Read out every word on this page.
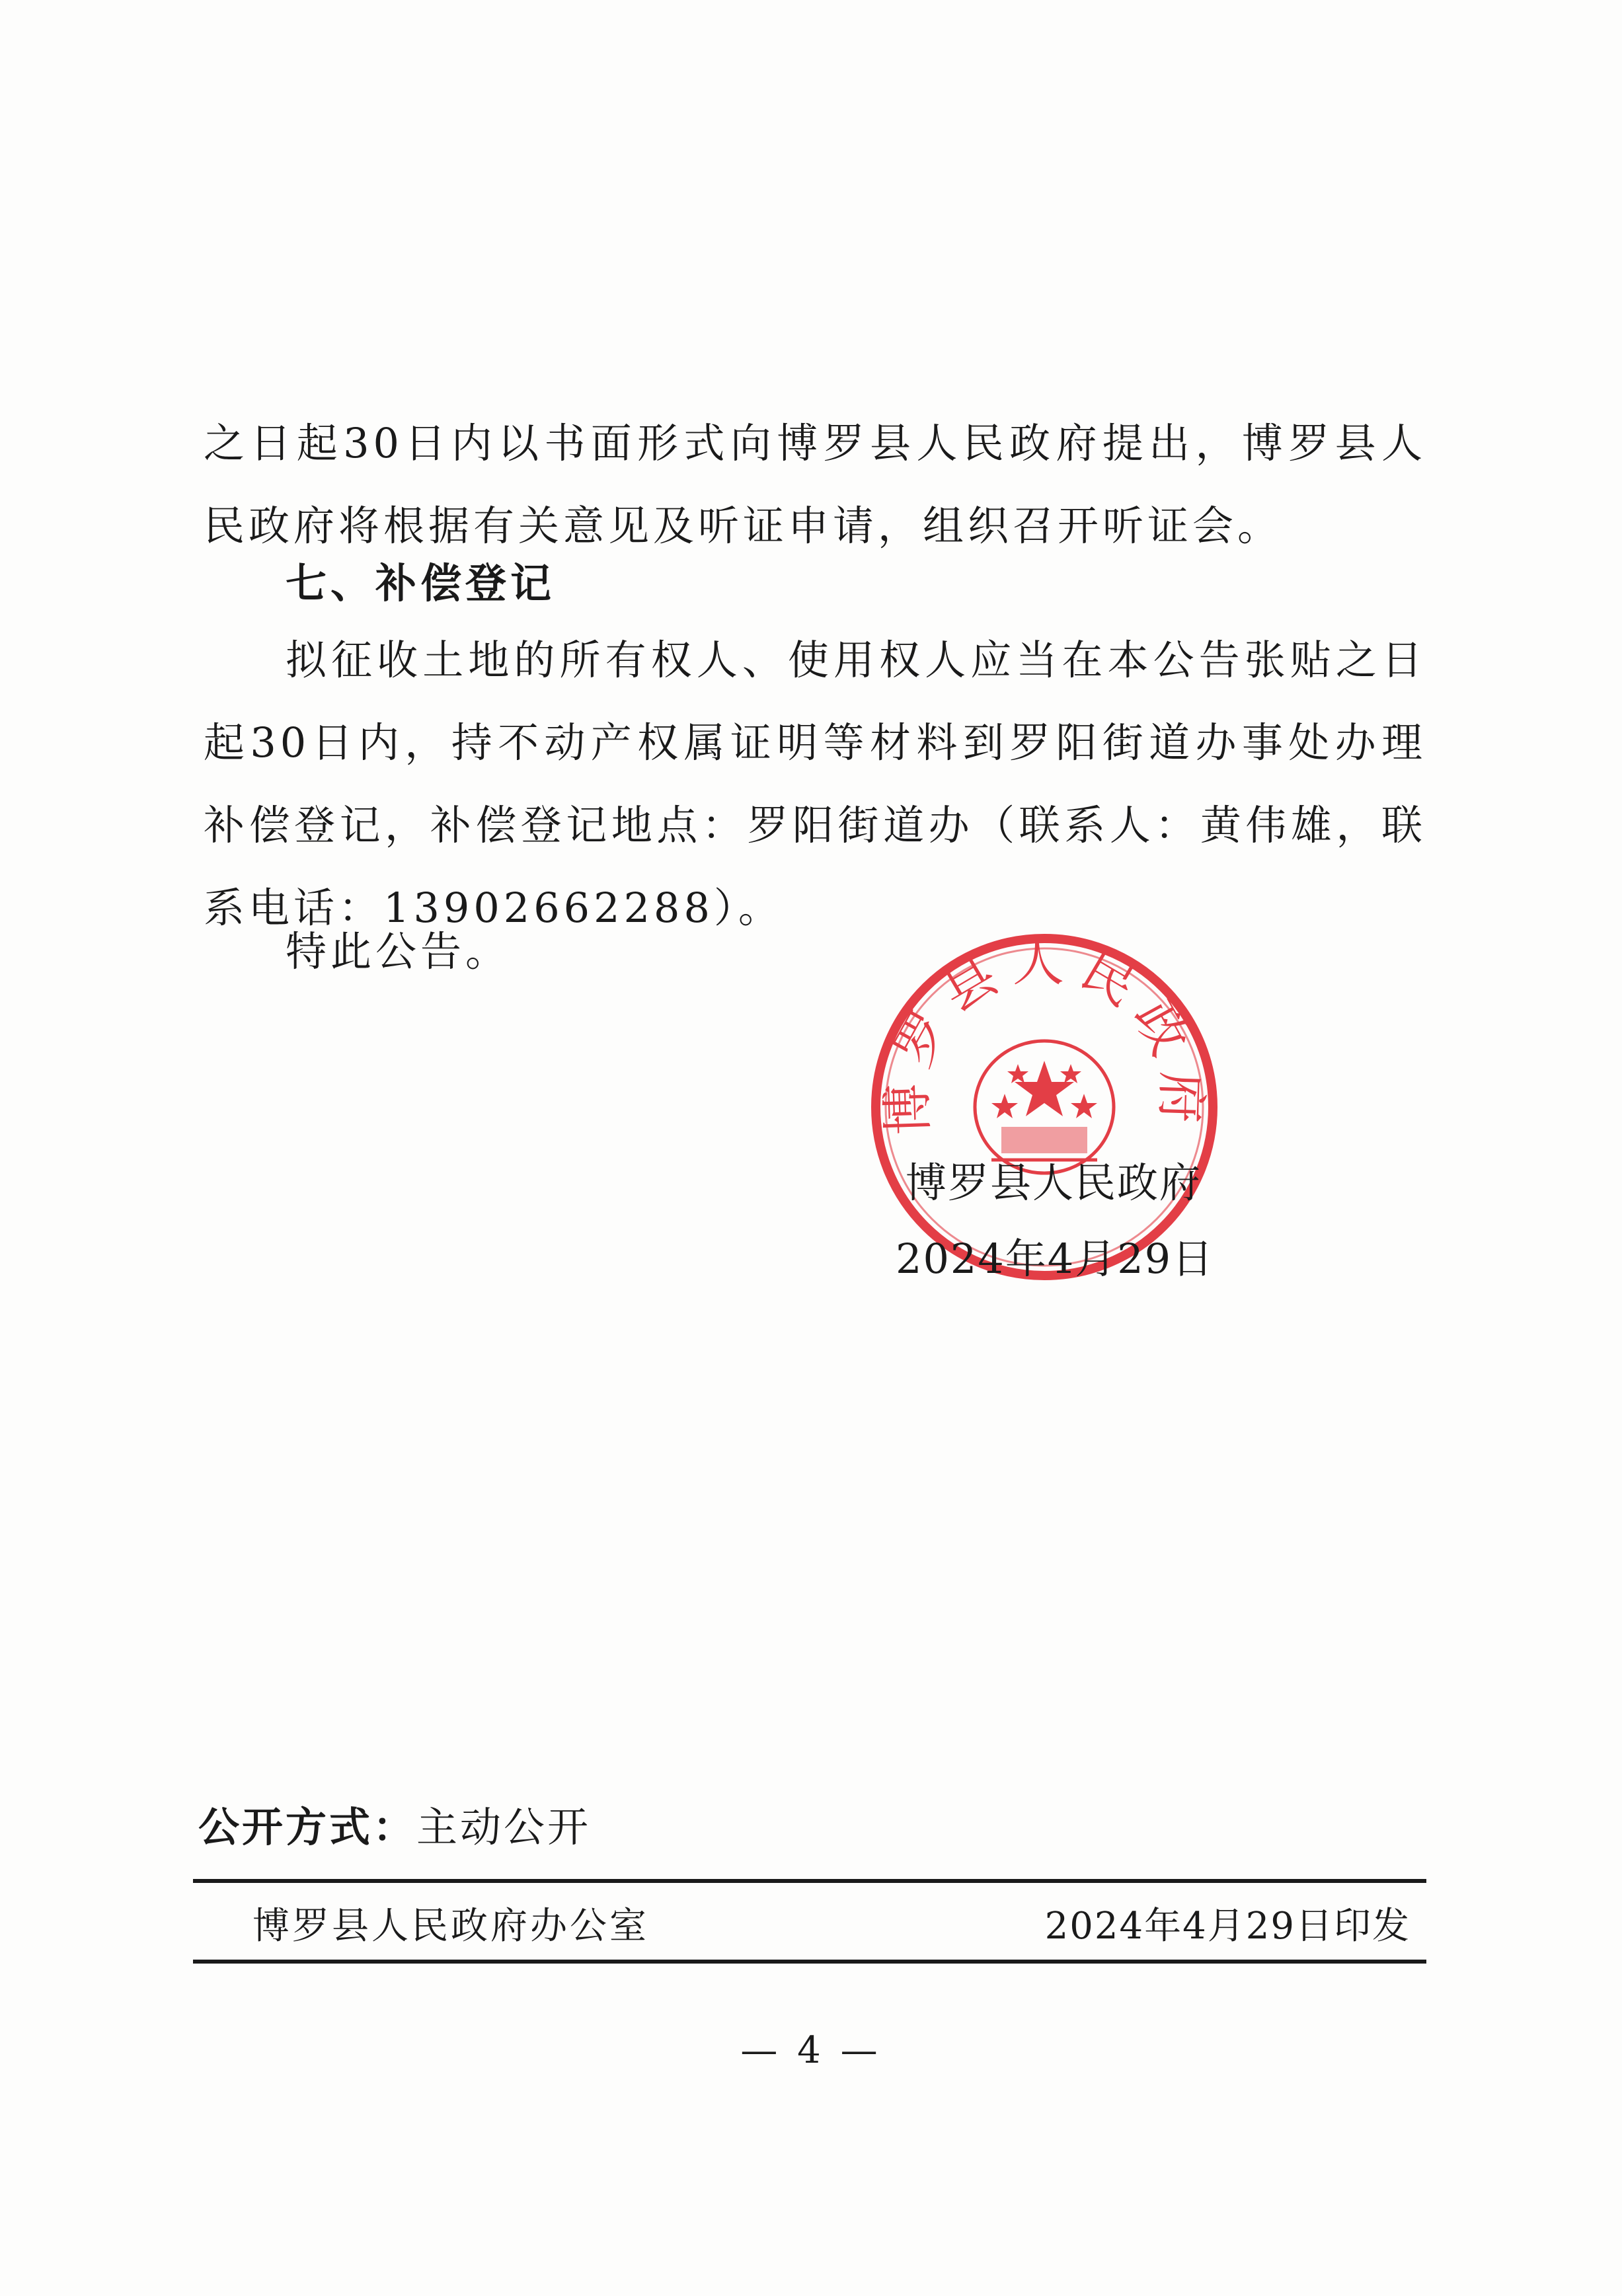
之日起30日内以书面形式向博罗县人民政府提出，博罗县人民政府将根据有关意见及听证申请，组织召开听证会。
七、补偿登记
拟征收土地的所有权人、使用权人应当在本公告张贴之日起30日内，持不动产权属证明等材料到罗阳街道办事处办理补偿登记，补偿登记地点：罗阳街道办（联系人：黄伟雄，联系电话：13902662288）。
特此公告。
博罗县人民政府
博罗县人民政府
2024年4月29日
公开方式：主动公开
博罗县人民政府办公室	2024年4月29日印发
— 4 —
